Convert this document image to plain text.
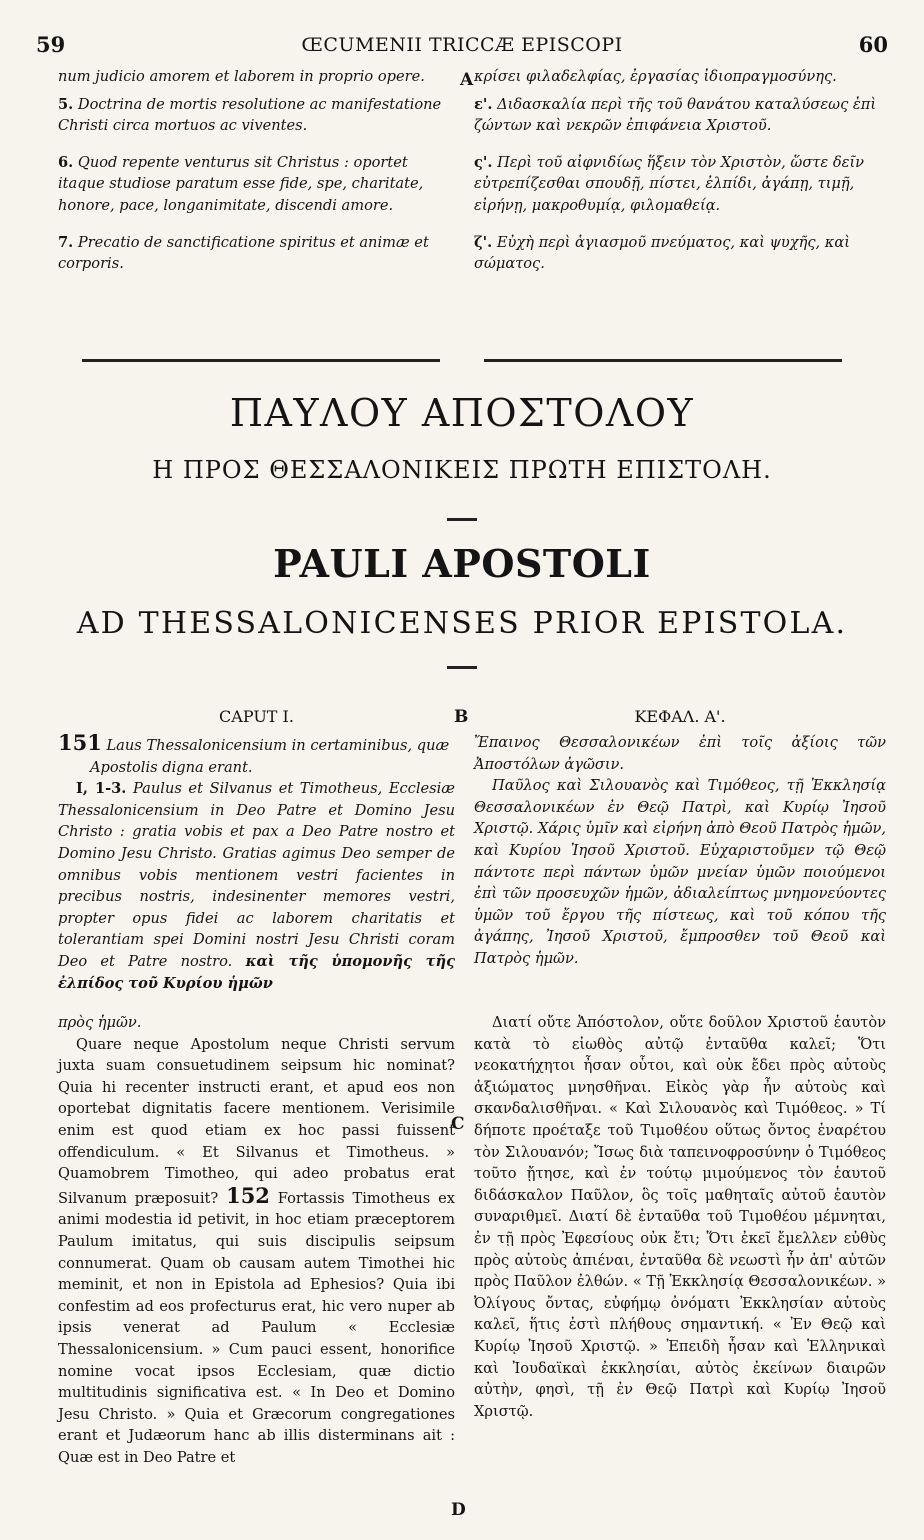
59	ŒCUMENII TRICCÆ EPISCOPI	60

num judicio amorem et laborem in proprio opere.

5. Doctrina de mortis resolutione ac manifestatione Christi circa mortuos ac viventes.

6. Quod repente venturus sit Christus : oportet itaque studiose paratum esse fide, spe, charitate, honore, pace, longanimitate, discendi amore.

7. Precatio de sanctificatione spiritus et animæ et corporis.

κρίσει φιλαδελφίας, ἐργασίας ἰδιοπραγμοσύνης.

ε'. Διδασκαλία περὶ τῆς τοῦ θανάτου καταλύσεως ἐπὶ ζώντων καὶ νεκρῶν ἐπιφάνεια Χριστοῦ.

ς'. Περὶ τοῦ αἰφνιδίως ἥξειν τὸν Χριστὸν, ὥστε δεῖν εὐτρεπίζεσθαι σπουδῇ, πίστει, ἐλπίδι, ἀγάπῃ, τιμῇ, εἰρήνῃ, μακροθυμίᾳ, φιλομαθείᾳ.

ζ'. Εὐχὴ περὶ ἁγιασμοῦ πνεύματος, καὶ ψυχῆς, καὶ σώματος.

A
ΠΑΥΛΟΥ ΑΠΟΣΤΟΛΟΥ
Η ΠΡΟΣ ΘΕΣΣΑΛΟΝΙΚΕΙΣ ΠΡΩΤΗ ΕΠΙΣΤΟΛΗ.
PAULI APOSTOLI
AD THESSALONICENSES PRIOR EPISTOLA.
CAPUT I.	B	ΚΕΦΑΛ. Α'.

151 Laus Thessalonicensium in certaminibus, quæ Apostolis digna erant.

I, 1-3. Paulus et Silvanus et Timotheus, Ecclesiæ Thessalonicensium in Deo Patre et Domino Jesu Christo : gratia vobis et pax a Deo Patre nostro et Domino Jesu Christo. Gratias agimus Deo semper de omnibus vobis mentionem vestri facientes in precibus nostris, indesinenter memores vestri, propter opus fidei ac laborem charitatis et tolerantiam spei Domini nostri Jesu Christi coram Deo et Patre nostro. καὶ τῆς ὑπομονῆς τῆς ἐλπίδος τοῦ Κυρίου ἡμῶν

Ἔπαινος Θεσσαλονικέων ἐπὶ τοῖς ἀξίοις τῶν Ἀποστόλων ἀγῶσιν.

Παῦλος καὶ Σιλουανὸς καὶ Τιμόθεος, τῇ Ἐκκλησίᾳ Θεσσαλονικέων ἐν Θεῷ Πατρὶ, καὶ Κυρίῳ Ἰησοῦ Χριστῷ. Χάρις ὑμῖν καὶ εἰρήνη ἀπὸ Θεοῦ Πατρὸς ἡμῶν, καὶ Κυρίου Ἰησοῦ Χριστοῦ. Εὐχαριστοῦμεν τῷ Θεῷ πάντοτε περὶ πάντων ὑμῶν μνείαν ὑμῶν ποιούμενοι ἐπὶ τῶν προσευχῶν ἡμῶν, ἀδιαλείπτως μνημονεύοντες ὑμῶν τοῦ ἔργου τῆς πίστεως, καὶ τοῦ κόπου τῆς ἀγάπης, Ἰησοῦ Χριστοῦ, ἔμπροσθεν τοῦ Θεοῦ καὶ Πατρὸς ἡμῶν.

πρὸς ἡμῶν.

Quare neque Apostolum neque Christi servum juxta suam consuetudinem seipsum hic nominat? Quia hi recenter instructi erant, et apud eos non oportebat dignitatis facere mentionem. Verisimile enim est quod etiam ex hoc passi fuissent offendiculum. « Et Silvanus et Timotheus. » Quamobrem Timotheo, qui adeo probatus erat Silvanum præposuit? 152 Fortassis Timotheus ex animi modestia id petivit, in hoc etiam præceptorem Paulum imitatus, qui suis discipulis seipsum connumerat. Quam ob causam autem Timothei hic meminit, et non in Epistola ad Ephesios? Quia ibi confestim ad eos profecturus erat, hic vero nuper ab ipsis venerat ad Paulum « Ecclesiæ Thessalonicensium. » Cum pauci essent, honorifice nomine vocat ipsos Ecclesiam, quæ dictio multitudinis significativa est. « In Deo et Domino Jesu Christo. » Quia et Græcorum congregationes erant et Judæorum hanc ab illis disterminans ait : Quæ est in Deo Patre et

C
D

Διατί οὔτε Ἀπόστολον, οὔτε δοῦλον Χριστοῦ ἑαυτὸν κατὰ τὸ εἰωθὸς αὐτῷ ἐνταῦθα καλεῖ; Ὅτι νεοκατήχητοι ἦσαν οὗτοι, καὶ οὐκ ἔδει πρὸς αὐτοὺς ἀξιώματος μνησθῆναι. Εἰκὸς γὰρ ἦν αὐτοὺς καὶ σκανδαλισθῆναι. « Καὶ Σιλουανὸς καὶ Τιμόθεος. » Τί δήποτε προέταξε τοῦ Τιμοθέου οὕτως ὄντος ἐναρέτου τὸν Σιλουανόν; Ἴσως διὰ ταπεινοφροσύνην ὁ Τιμόθεος τοῦτο ᾔτησε, καὶ ἐν τούτῳ μιμούμενος τὸν ἑαυτοῦ διδάσκαλον Παῦλον, ὃς τοῖς μαθηταῖς αὐτοῦ ἑαυτὸν συναριθμεῖ. Διατί δὲ ἐνταῦθα τοῦ Τιμοθέου μέμνηται, ἐν τῇ πρὸς Ἐφεσίους οὐκ ἔτι; Ὅτι ἐκεῖ ἔμελλεν εὐθὺς πρὸς αὐτοὺς ἀπιέναι, ἐνταῦθα δὲ νεωστὶ ἦν ἀπ' αὐτῶν πρὸς Παῦλον ἐλθών. « Τῇ Ἐκκλησίᾳ Θεσσαλονικέων. » Ὀλίγους ὄντας, εὐφήμῳ ὀνόματι Ἐκκλησίαν αὐτοὺς καλεῖ, ἥτις ἐστὶ πλήθους σημαντική. « Ἐν Θεῷ καὶ Κυρίῳ Ἰησοῦ Χριστῷ. » Ἐπειδὴ ἦσαν καὶ Ἑλληνικαὶ καὶ Ἰουδαϊκαὶ ἐκκλησίαι, αὐτὸς ἐκείνων διαιρῶν αὐτὴν, φησὶ, τῇ ἐν Θεῷ Πατρὶ καὶ Κυρίῳ Ἰησοῦ Χριστῷ.
